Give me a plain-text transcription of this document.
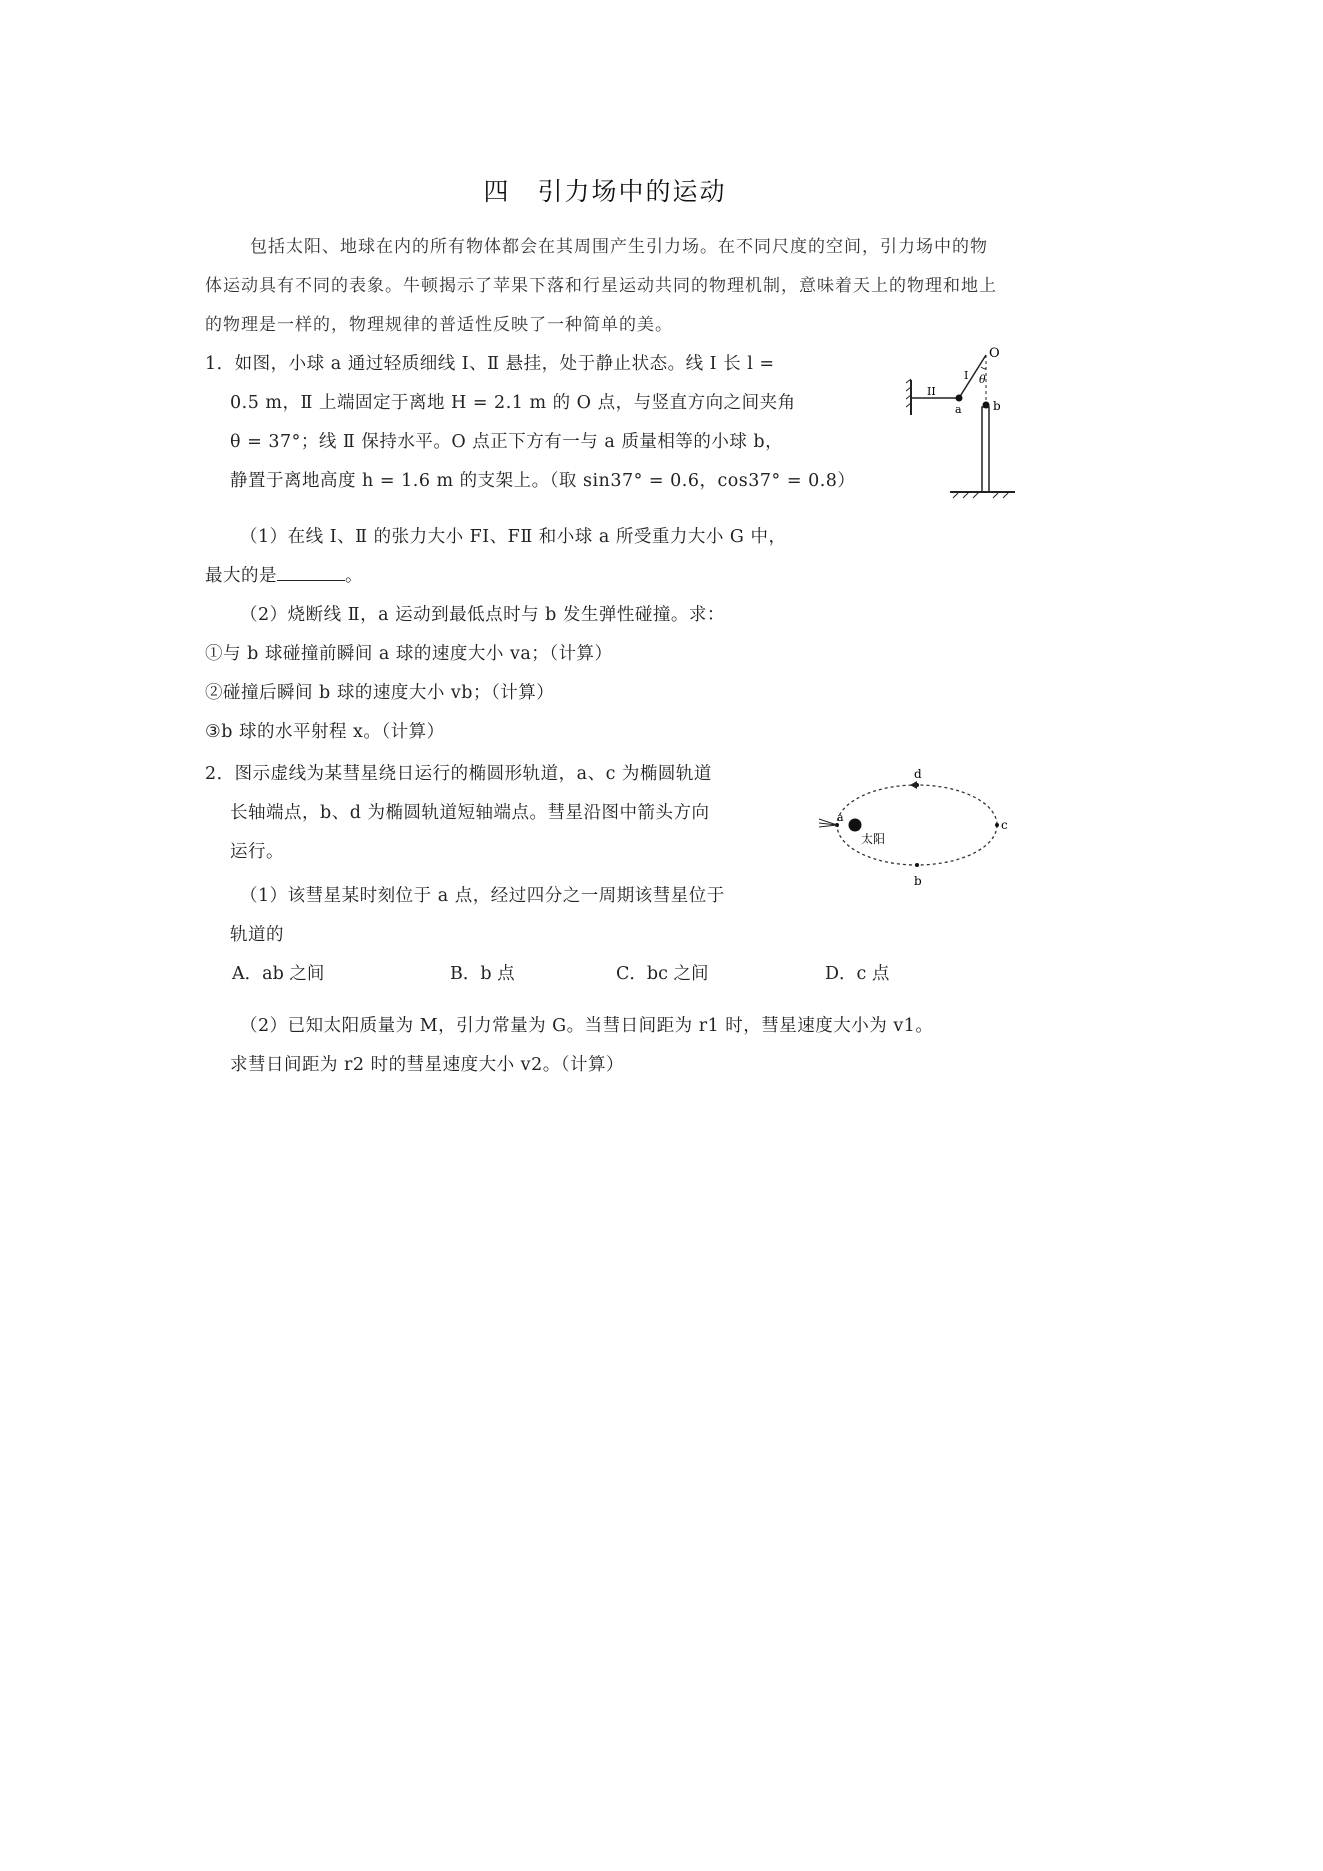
四　引力场中的运动
包括太阳、地球在内的所有物体都会在其周围产生引力场。在不同尺度的空间，引力场中的物体运动具有不同的表象。牛顿揭示了苹果下落和行星运动共同的物理机制，意味着天上的物理和地上的物理是一样的，物理规律的普适性反映了一种简单的美。
1．如图，小球 a 通过轻质细线 Ⅰ、Ⅱ 悬挂，处于静止状态。线 Ⅰ 长 l =
0.5 m，Ⅱ 上端固定于离地 H = 2.1 m 的 O 点，与竖直方向之间夹角
θ = 37°；线 Ⅱ 保持水平。O 点正下方有一与 a 质量相等的小球 b，
静置于离地高度 h = 1.6 m 的支架上。（取 sin37° = 0.6，cos37° = 0.8）
O
I
II
θ
a	b
（1）在线 Ⅰ、Ⅱ 的张力大小 FⅠ、FⅡ 和小球 a 所受重力大小 G 中，
最大的是	。
（2）烧断线 Ⅱ，a 运动到最低点时与 b 发生弹性碰撞。求：
①与 b 球碰撞前瞬间 a 球的速度大小 va；（计算）
②碰撞后瞬间 b 球的速度大小 vb；（计算）
③b 球的水平射程 x。（计算）
2．图示虚线为某彗星绕日运行的椭圆形轨道，a、c 为椭圆轨道
长轴端点，b、d 为椭圆轨道短轴端点。彗星沿图中箭头方向
运行。
a
b
c
d
太阳
（1）该彗星某时刻位于 a 点，经过四分之一周期该彗星位于
轨道的
A．ab 之间	B．b 点	C．bc 之间	D．c 点
（2）已知太阳质量为 M，引力常量为 G。当彗日间距为 r1 时，彗星速度大小为 v1。
求彗日间距为 r2 时的彗星速度大小 v2。（计算）
